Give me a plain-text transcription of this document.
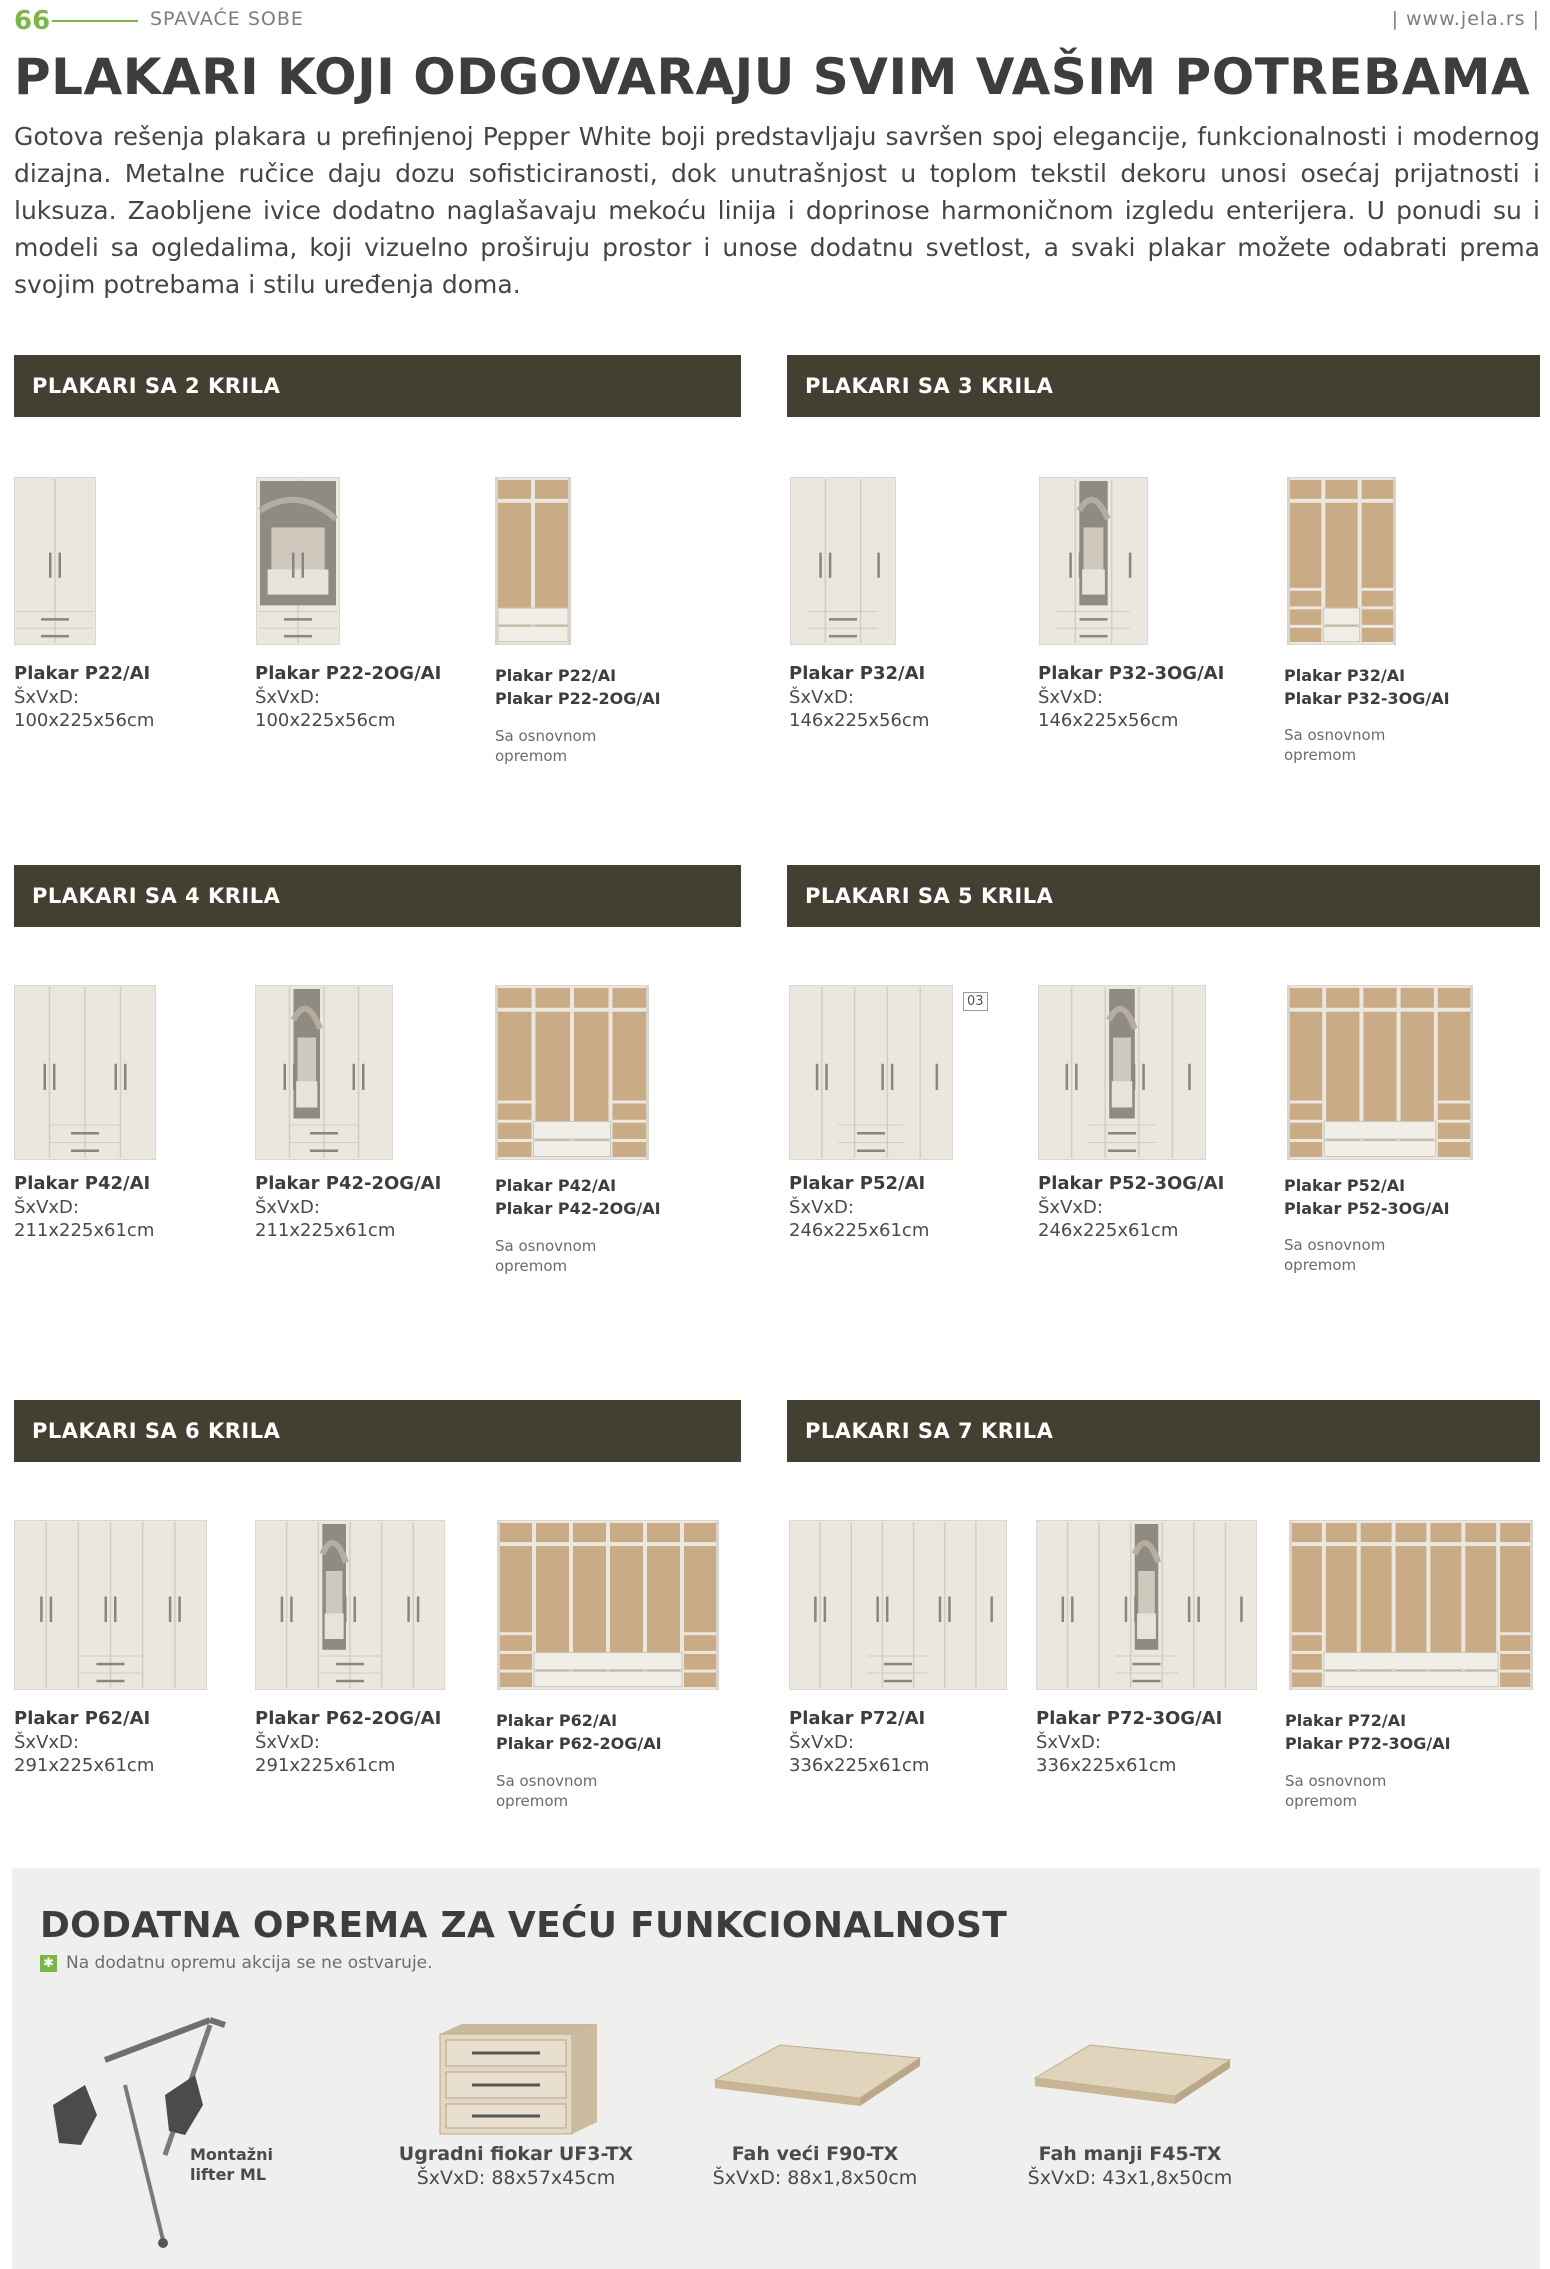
66	SPAVAĆE SOBE	| www.jela.rs |
PLAKARI KOJI ODGOVARAJU SVIM VAŠIM POTREBAMA
Gotova rešenja plakara u prefinjenoj Pepper White boji predstavljaju savršen spoj elegancije, funkcionalnosti i modernog dizajna. Metalne ručice daju dozu sofisticiranosti, dok unutrašnjost u toplom tekstil dekoru unosi osećaj prijatnosti i luksuza. Zaobljene ivice dodatno naglašavaju mekoću linija i doprinose harmoničnom izgledu enterijera. U ponudi su i modeli sa ogledalima, koji vizuelno proširuju prostor i unose dodatnu svetlost, a svaki plakar možete odabrati prema svojim potrebama i stilu uređenja doma.
PLAKARI SA 2 KRILA	PLAKARI SA 3 KRILA
PLAKARI SA 4 KRILA	PLAKARI SA 5 KRILA
PLAKARI SA 6 KRILA	PLAKARI SA 7 KRILA
Plakar P22/AI
ŠxVxD:
100x225x56cm
Plakar P22-2OG/AI
ŠxVxD:
100x225x56cm
Plakar P22/AI
Plakar P22-2OG/AI
Sa osnovnom
opremom
Plakar P32/AI
ŠxVxD:
146x225x56cm
Plakar P32-3OG/AI
ŠxVxD:
146x225x56cm
Plakar P32/AI
Plakar P32-3OG/AI
Sa osnovnom
opremom
Plakar P42/AI
ŠxVxD:
211x225x61cm
Plakar P42-2OG/AI
ŠxVxD:
211x225x61cm
Plakar P42/AI
Plakar P42-2OG/AI
Sa osnovnom
opremom
Plakar P52/AI
ŠxVxD:
246x225x61cm
Plakar P52-3OG/AI
ŠxVxD:
246x225x61cm
Plakar P52/AI
Plakar P52-3OG/AI
Sa osnovnom
opremom
03
Plakar P62/AI
ŠxVxD:
291x225x61cm
Plakar P62-2OG/AI
ŠxVxD:
291x225x61cm
Plakar P62/AI
Plakar P62-2OG/AI
Sa osnovnom
opremom
Plakar P72/AI
ŠxVxD:
336x225x61cm
Plakar P72-3OG/AI
ŠxVxD:
336x225x61cm
Plakar P72/AI
Plakar P72-3OG/AI
Sa osnovnom
opremom
DODATNA OPREMA ZA VEĆU FUNKCIONALNOST
✱ Na dodatnu opremu akcija se ne ostvaruje.
Montažni
lifter ML
Ugradni fiokar UF3-TX
ŠxVxD: 88x57x45cm
Fah veći F90-TX
ŠxVxD: 88x1,8x50cm
Fah manji F45-TX
ŠxVxD: 43x1,8x50cm
